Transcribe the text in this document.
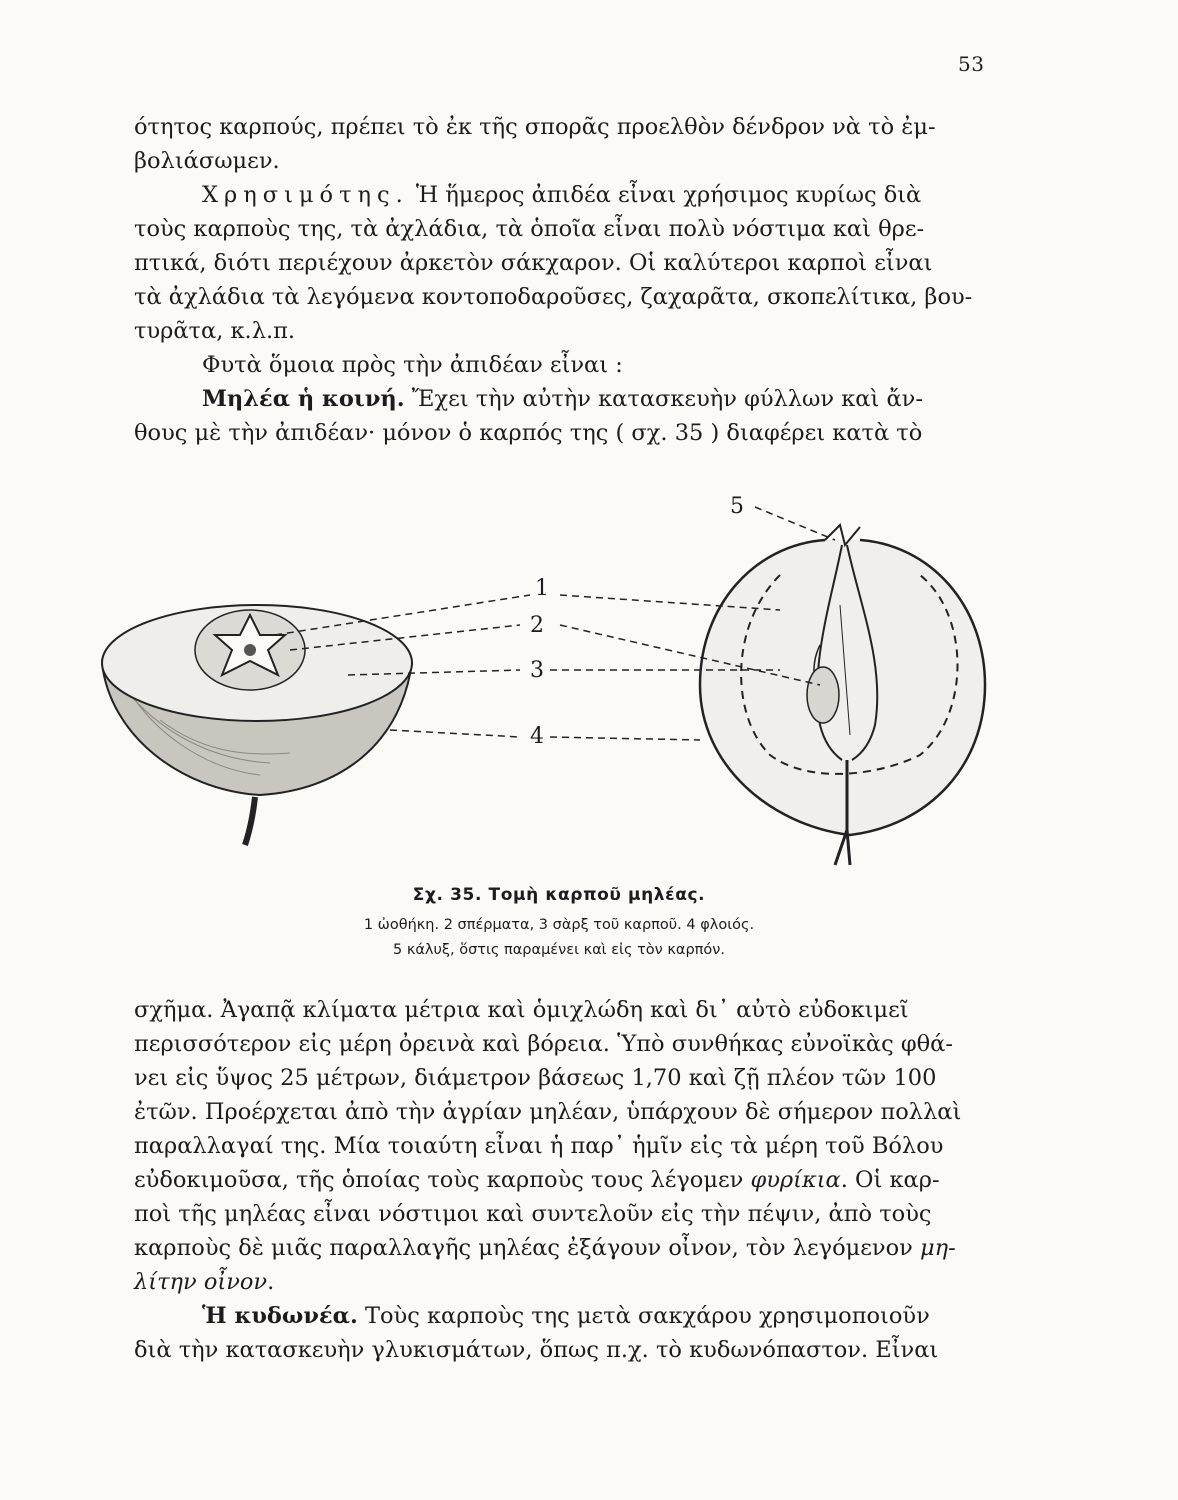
53
ότητος καρπούς, πρέπει τὸ ἐκ τῆς σπορᾶς προελθὸν δένδρον νὰ τὸ ἐμ-
βολιάσωμεν.
Χρησιμότης. Ἡ ἥμερος ἀπιδέα εἶναι χρήσιμος κυρίως διὰ
τοὺς καρποὺς της, τὰ ἀχλάδια, τὰ ὁποῖα εἶναι πολὺ νόστιμα καὶ θρε-
πτικά, διότι περιέχουν ἀρκετὸν σάκχαρον. Οἱ καλύτεροι καρποὶ εἶναι
τὰ ἀχλάδια τὰ λεγόμενα κοντοποδαροῦσες, ζαχαρᾶτα, σκοπελίτικα, βου-
τυρᾶτα, κ.λ.π.
Φυτὰ ὅμοια πρὸς τὴν ἀπιδέαν εἶναι :
Μηλέα ἡ κοινή. Ἔχει τὴν αὐτὴν κατασκευὴν φύλλων καὶ ἄν-
θους μὲ τὴν ἀπιδέαν· μόνον ὁ καρπός της ( σχ. 35 ) διαφέρει κατὰ τὸ
1
2
3
4
5
Σχ. 35. Τομὴ καρποῦ μηλέας.
1 ὠοθήκη. 2 σπέρματα, 3 σὰρξ τοῦ καρποῦ. 4 φλοιός.
5 κάλυξ, ὅστις παραμένει καὶ εἰς τὸν καρπόν.
σχῆμα. Ἀγαπᾷ κλίματα μέτρια καὶ ὁμιχλώδη καὶ δι᾽ αὐτὸ εὐδοκιμεῖ
περισσότερον εἰς μέρη ὀρεινὰ καὶ βόρεια. Ὑπὸ συνθήκας εὐνοϊκὰς φθά-
νει εἰς ὕψος 25 μέτρων, διάμετρον βάσεως 1,70 καὶ ζῇ πλέον τῶν 100
ἐτῶν. Προέρχεται ἀπὸ τὴν ἀγρίαν μηλέαν, ὑπάρχουν δὲ σήμερον πολλαὶ
παραλλαγαί της. Μία τοιαύτη εἶναι ἡ παρ᾽ ἡμῖν εἰς τὰ μέρη τοῦ Βόλου
εὐδοκιμοῦσα, τῆς ὁποίας τοὺς καρποὺς τους λέγομεν φυρίκια. Οἱ καρ-
ποὶ τῆς μηλέας εἶναι νόστιμοι καὶ συντελοῦν εἰς τὴν πέψιν, ἀπὸ τοὺς
καρποὺς δὲ μιᾶς παραλλαγῆς μηλέας ἐξάγουν οἶνον, τὸν λεγόμενον μη-
λίτην οἶνον.
Ἡ κυδωνέα. Τοὺς καρποὺς της μετὰ σακχάρου χρησιμοποιοῦν
διὰ τὴν κατασκευὴν γλυκισμάτων, ὅπως π.χ. τὸ κυδωνόπαστον. Εἶναι
